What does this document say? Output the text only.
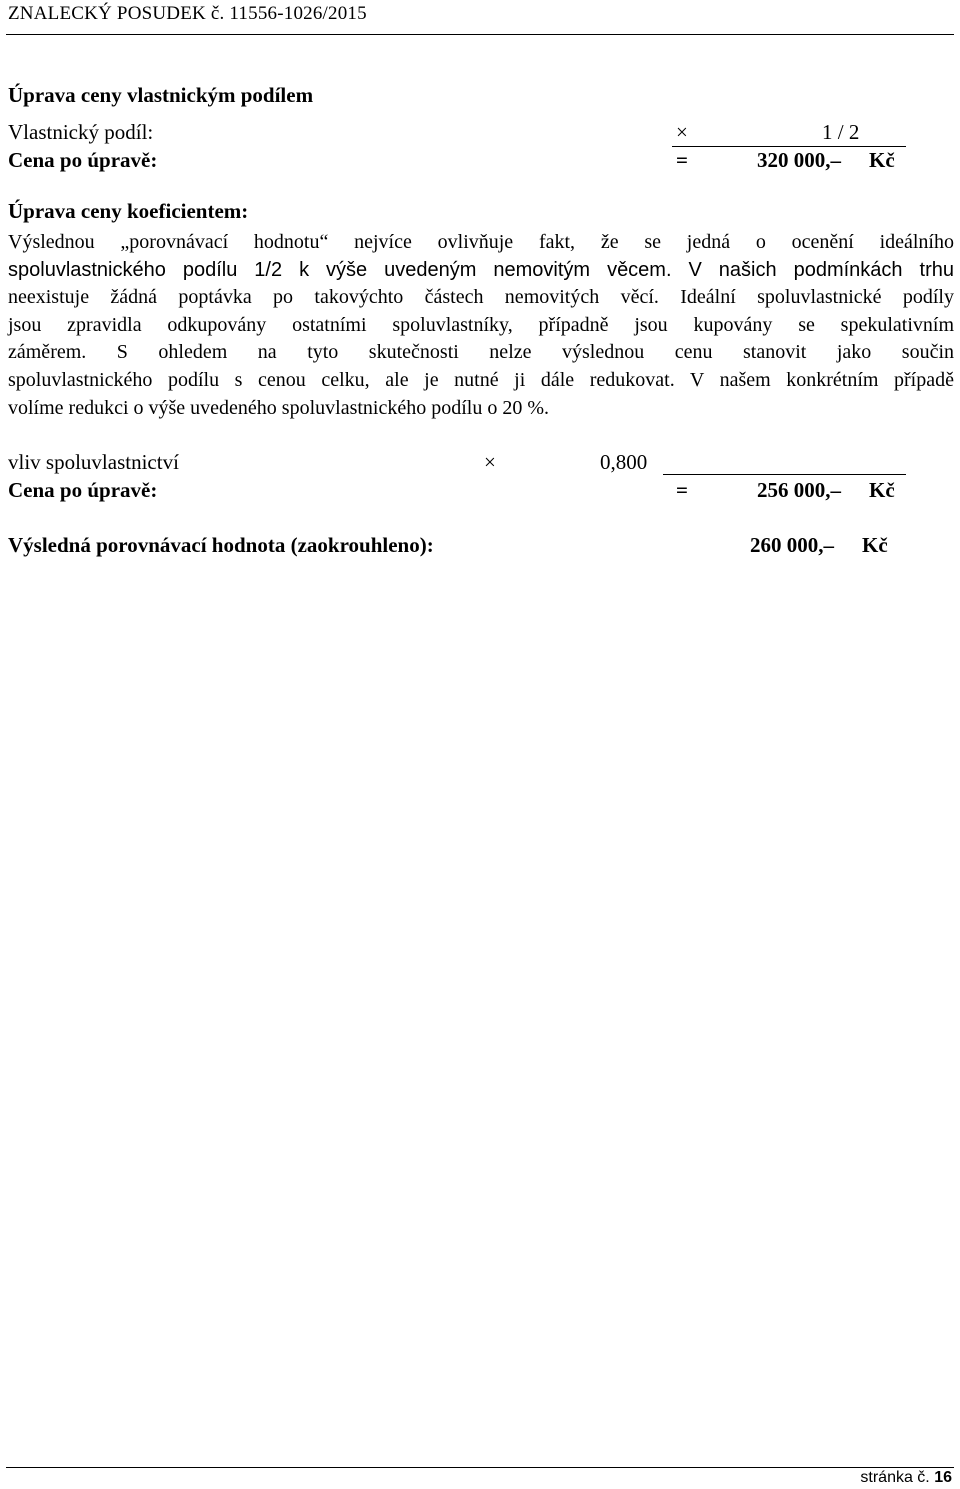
ZNALECKÝ POSUDEK č. 11556-1026/2015
Úprava ceny vlastnickým podílem
Vlastnický podíl:	×	1 / 2
Cena po úpravě:	=	320 000,– Kč
Úprava ceny koeficientem:
Výslednou „porovnávací hodnotu“ nejvíce ovlivňuje fakt, že se jedná o ocenění ideálního
spoluvlastnického podílu 1/2 k výše uvedeným nemovitým věcem. V našich podmínkách trhu
neexistuje žádná poptávka po takovýchto částech nemovitých věcí. Ideální spoluvlastnické podíly
jsou zpravidla odkupovány ostatními spoluvlastníky, případně jsou kupovány se spekulativním
záměrem. S ohledem na tyto skutečnosti nelze výslednou cenu stanovit jako součin
spoluvlastnického podílu s cenou celku, ale je nutné ji dále redukovat. V našem konkrétním případě
volíme redukci o výše uvedeného spoluvlastnického podílu o 20 %.
vliv spoluvlastnictví	×	0,800
Cena po úpravě:	=	256 000,– Kč
Výsledná porovnávací hodnota (zaokrouhleno):	260 000,– Kč
stránka č. 16
